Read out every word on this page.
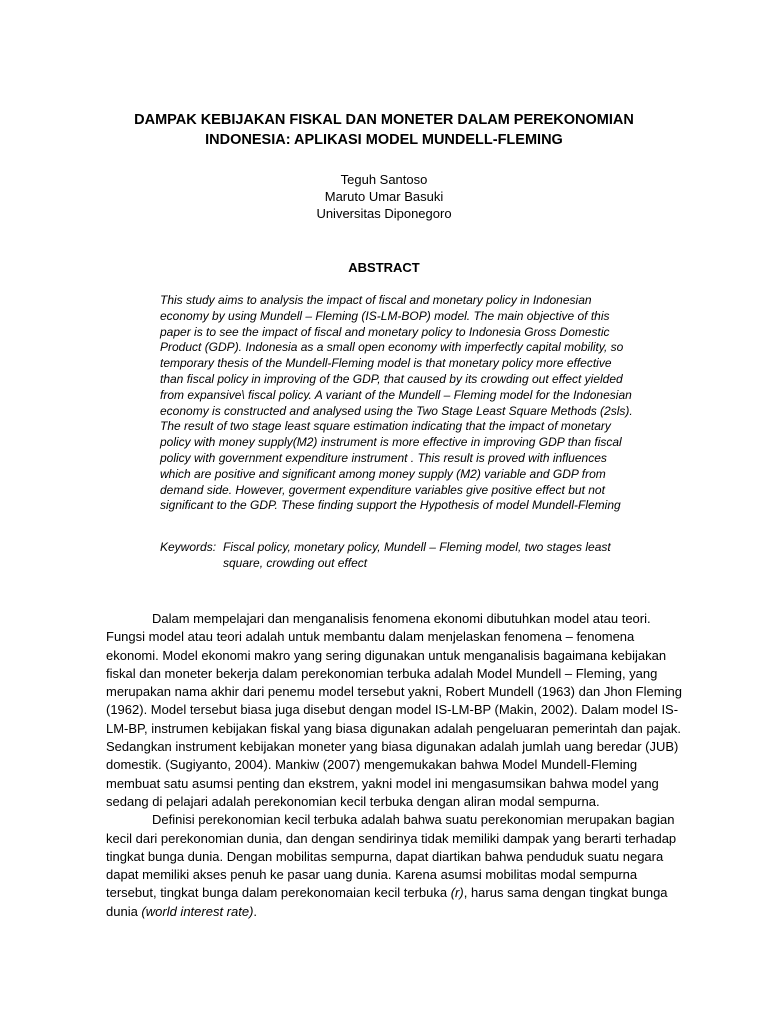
DAMPAK KEBIJAKAN FISKAL DAN MONETER DALAM PEREKONOMIAN
INDONESIA: APLIKASI MODEL MUNDELL-FLEMING
Teguh Santoso
Maruto Umar Basuki
Universitas Diponegoro
ABSTRACT
This study aims to analysis the impact of fiscal and monetary policy in Indonesian
economy by using Mundell – Fleming (IS-LM-BOP) model. The main objective of this
paper is to see the impact of fiscal and monetary policy to Indonesia Gross Domestic
Product (GDP). Indonesia as a small open economy with imperfectly capital mobility, so
temporary thesis of the Mundell-Fleming model is that monetary policy more effective
than fiscal policy in improving of the GDP, that caused by its crowding out effect yielded
from expansive\ fiscal policy. A variant of the Mundell – Fleming model for the Indonesian
economy is constructed and analysed using the Two Stage Least Square Methods (2sls).
The result of two stage least square estimation indicating that the impact of monetary
policy with money supply(M2) instrument is more effective in improving GDP than fiscal
policy with government expenditure instrument . This result is proved with influences
which are positive and significant among money supply (M2) variable and GDP from
demand side. However, goverment expenditure variables give positive effect but not
significant to the GDP. These finding support the Hypothesis of model Mundell-Fleming
Keywords: Fiscal policy, monetary policy, Mundell – Fleming model, two stages least
square, crowding out effect
Dalam mempelajari dan menganalisis fenomena ekonomi dibutuhkan model atau teori.
Fungsi model atau teori adalah untuk membantu dalam menjelaskan fenomena – fenomena
ekonomi. Model ekonomi makro yang sering digunakan untuk menganalisis bagaimana kebijakan
fiskal dan moneter bekerja dalam perekonomian terbuka adalah Model Mundell – Fleming, yang
merupakan nama akhir dari penemu model tersebut yakni, Robert Mundell (1963) dan Jhon Fleming
(1962). Model tersebut biasa juga disebut dengan model IS-LM-BP (Makin, 2002). Dalam model IS-
LM-BP, instrumen kebijakan fiskal yang biasa digunakan adalah pengeluaran pemerintah dan pajak.
Sedangkan instrument kebijakan moneter yang biasa digunakan adalah jumlah uang beredar (JUB)
domestik. (Sugiyanto, 2004). Mankiw (2007) mengemukakan bahwa Model Mundell-Fleming
membuat satu asumsi penting dan ekstrem, yakni model ini mengasumsikan bahwa model yang
sedang di pelajari adalah perekonomian kecil terbuka dengan aliran modal sempurna.
Definisi perekonomian kecil terbuka adalah bahwa suatu perekonomian merupakan bagian
kecil dari perekonomian dunia, dan dengan sendirinya tidak memiliki dampak yang berarti terhadap
tingkat bunga dunia. Dengan mobilitas sempurna, dapat diartikan bahwa penduduk suatu negara
dapat memiliki akses penuh ke pasar uang dunia. Karena asumsi mobilitas modal sempurna
tersebut, tingkat bunga dalam perekonomaian kecil terbuka (r), harus sama dengan tingkat bunga
dunia (world interest rate).
